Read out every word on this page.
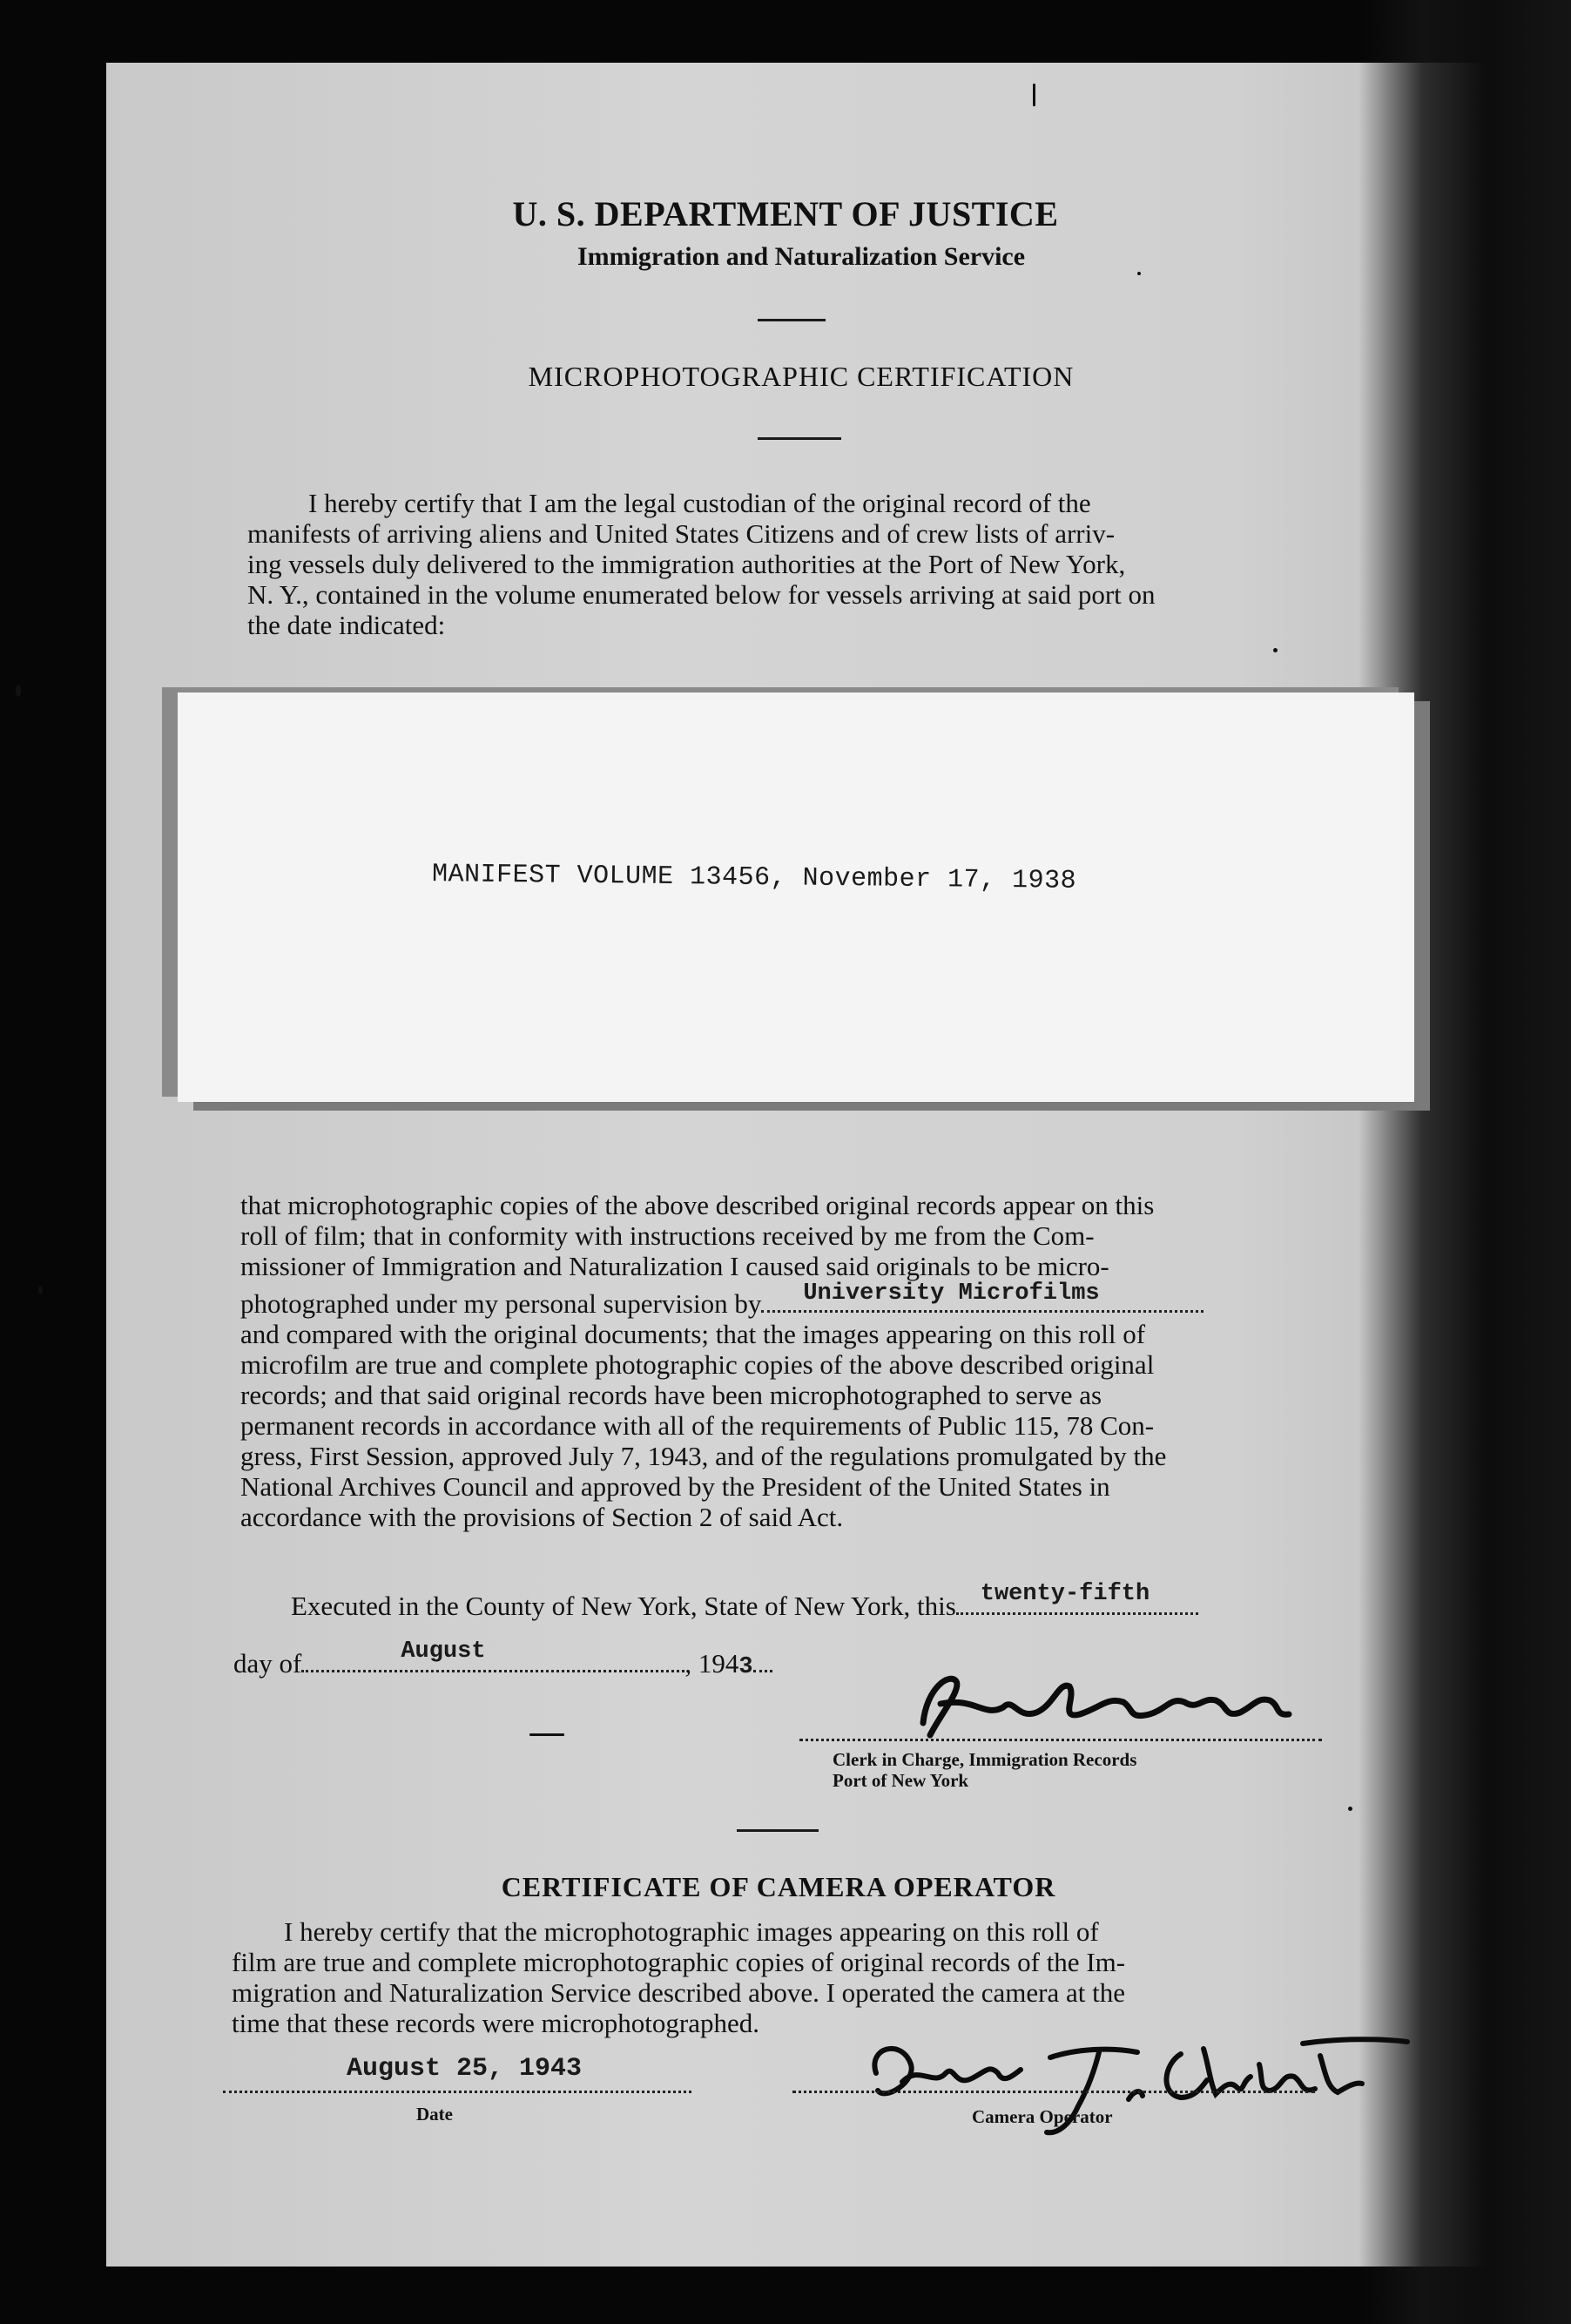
U. S. DEPARTMENT OF JUSTICE
Immigration and Naturalization Service
MICROPHOTOGRAPHIC CERTIFICATION
I hereby certify that I am the legal custodian of the original record of the
manifests of arriving aliens and United States Citizens and of crew lists of arriv-
ing vessels duly delivered to the immigration authorities at the Port of New York,
N. Y., contained in the volume enumerated below for vessels arriving at said port on
the date indicated:
MANIFEST VOLUME 13456, November 17, 1938
that microphotographic copies of the above described original records appear on this
roll of film; that in conformity with instructions received by me from the Com-
missioner of Immigration and Naturalization I caused said originals to be micro-
photographed under my personal supervision by University Microfilms
and compared with the original documents; that the images appearing on this roll of
microfilm are true and complete photographic copies of the above described original
records; and that said original records have been microphotographed to serve as
permanent records in accordance with all of the requirements of Public 115, 78 Con-
gress, First Session, approved July 7, 1943, and of the regulations promulgated by the
National Archives Council and approved by the President of the United States in
accordance with the provisions of Section 2 of said Act.
Executed in the County of New York, State of New York, this twenty-fifth
day of	August	, 1943
Clerk in Charge, Immigration Records
Port of New York
CERTIFICATE OF CAMERA OPERATOR
I hereby certify that the microphotographic images appearing on this roll of
film are true and complete microphotographic copies of original records of the Im-
migration and Naturalization Service described above. I operated the camera at the
time that these records were microphotographed.
August 25, 1943
Date	Camera Operator
